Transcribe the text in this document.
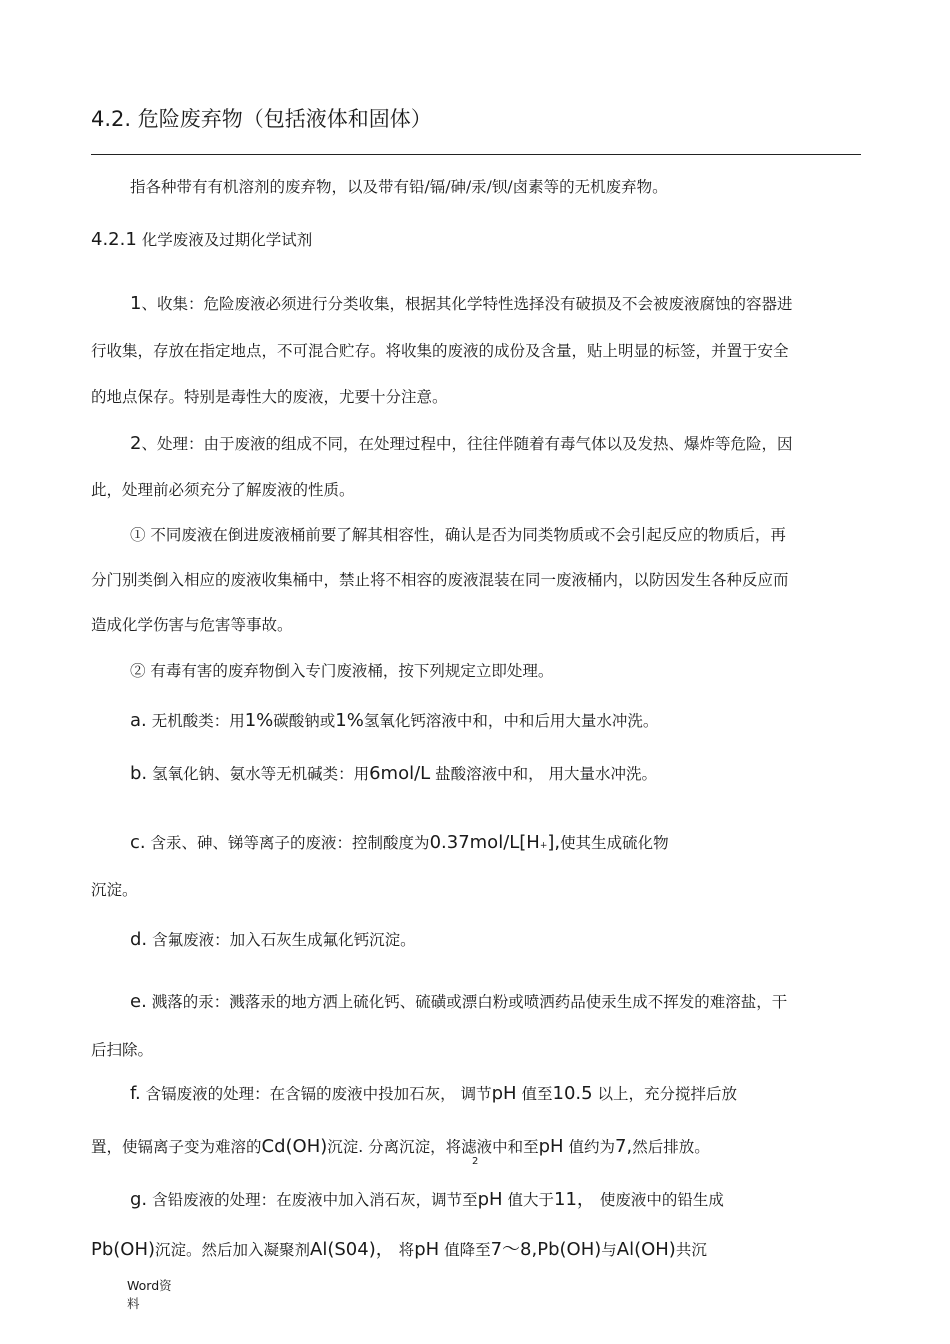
4.2. 危险废弃物（包括液体和固体）
指各种带有有机溶剂的废弃物，以及带有铅/镉/砷/汞/钡/卤素等的无机废弃物。
4.2.1 化学废液及过期化学试剂
1、收集：危险废液必须进行分类收集，根据其化学特性选择没有破损及不会被废液腐蚀的容器进
行收集，存放在指定地点，不可混合贮存。将收集的废液的成份及含量，贴上明显的标签，并置于安全
的地点保存。特别是毒性大的废液，尤要十分注意。
2、处理：由于废液的组成不同，在处理过程中，往往伴随着有毒气体以及发热、爆炸等危险，因
此，处理前必须充分了解废液的性质。
① 不同废液在倒进废液桶前要了解其相容性，确认是否为同类物质或不会引起反应的物质后，再
分门别类倒入相应的废液收集桶中，禁止将不相容的废液混装在同一废液桶内，以防因发生各种反应而
造成化学伤害与危害等事故。
② 有毒有害的废弃物倒入专门废液桶，按下列规定立即处理。
a. 无机酸类：用1%碳酸钠或1%氢氧化钙溶液中和，中和后用大量水冲洗。
b. 氢氧化钠、氨水等无机碱类：用6mol/L 盐酸溶液中和， 用大量水冲洗。
c. 含汞、砷、锑等离子的废液：控制酸度为0.37mol/L[H+],使其生成硫化物
沉淀。
d. 含氟废液：加入石灰生成氟化钙沉淀。
e. 溅落的汞：溅落汞的地方洒上硫化钙、硫磺或漂白粉或喷洒药品使汞生成不挥发的难溶盐，干
后扫除。
f. 含镉废液的处理：在含镉的废液中投加石灰， 调节pH 值至10.5 以上，充分搅拌后放
置，使镉离子变为难溶的Cd(OH)沉淀. 分离沉淀，将滤液中和至pH 值约为7,然后排放。
g. 含铅废液的处理：在废液中加入消石灰，调节至pH 值大于11， 使废液中的铅生成
Pb(OH)沉淀。然后加入凝聚剂Al(S04)， 将pH 值降至7～8,Pb(OH)与Al(OH)共沉
2
Word资料
